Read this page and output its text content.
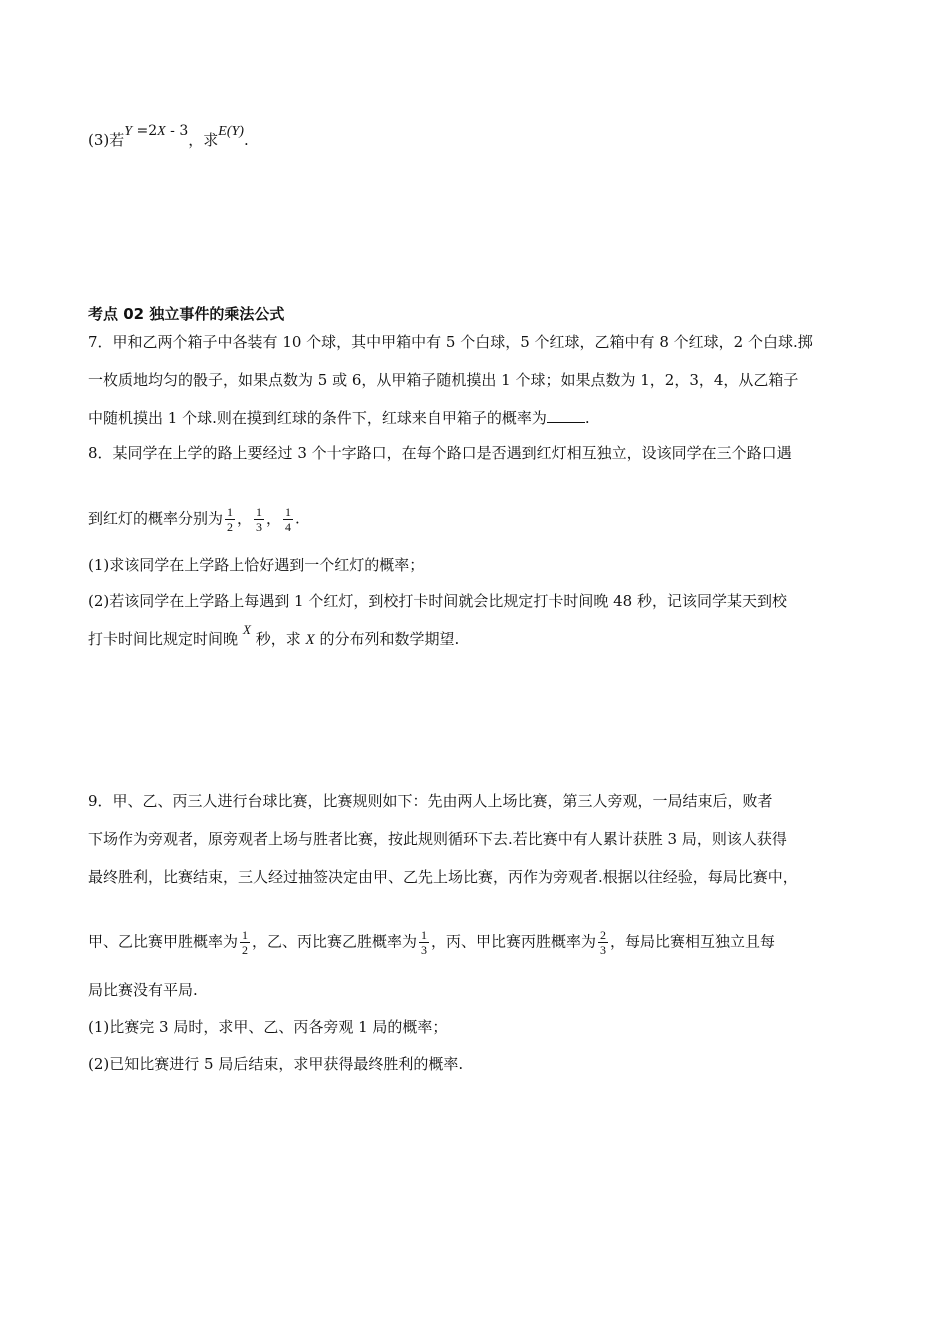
(3)若Y =2X - 3，求E(Y).
考点 02 独立事件的乘法公式
7．甲和乙两个箱子中各装有 10 个球，其中甲箱中有 5 个白球，5 个红球，乙箱中有 8 个红球，2 个白球.掷
一枚质地均匀的骰子，如果点数为 5 或 6，从甲箱子随机摸出 1 个球；如果点数为 1，2，3，4，从乙箱子
中随机摸出 1 个球.则在摸到红球的条件下，红球来自甲箱子的概率为	.
8．某同学在上学的路上要经过 3 个十字路口，在每个路口是否遇到红灯相互独立，设该同学在三个路口遇
到红灯的概率分别为 $\frac{1}{2}$ ， $\frac{1}{3}$ ， $\frac{1}{4}$ .
(1)求该同学在上学路上恰好遇到一个红灯的概率；
(2)若该同学在上学路上每遇到 1 个红灯，到校打卡时间就会比规定打卡时间晚 48 秒，记该同学某天到校
打卡时间比规定时间晚X 秒，求 X 的分布列和数学期望.
9．甲、乙、丙三人进行台球比赛，比赛规则如下：先由两人上场比赛，第三人旁观，一局结束后，败者
下场作为旁观者，原旁观者上场与胜者比赛，按此规则循环下去.若比赛中有人累计获胜 3 局，则该人获得
最终胜利，比赛结束，三人经过抽签决定由甲、乙先上场比赛，丙作为旁观者.根据以往经验，每局比赛中，
甲、乙比赛甲胜概率为 $\frac{1}{2}$ ，乙、丙比赛乙胜概率为 $\frac{1}{3}$ ，丙、甲比赛丙胜概率为 $\frac{2}{3}$ ，每局比赛相互独立且每
局比赛没有平局.
(1)比赛完 3 局时，求甲、乙、丙各旁观 1 局的概率；
(2)已知比赛进行 5 局后结束，求甲获得最终胜利的概率.
